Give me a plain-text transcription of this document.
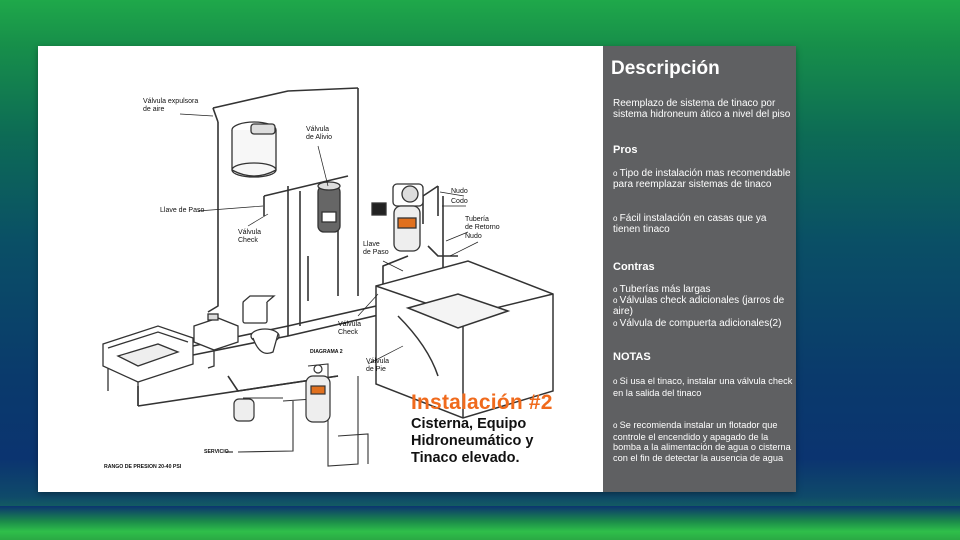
Válvula expulsora
de aire
Válvula
de Alivio
Llave de Paso
Válvula
Check
Nudo
Codo
Tubería
de Retorno
Nudo
Llave
de Paso
Válvula
Check
Válvula
de Pie
DIAGRAMA 2
SERVICIO
RANGO DE PRESION 20-40 PSI
Instalación #2
Cisterna, Equipo
Hidroneumático y
Tinaco elevado.
Descripción
Reemplazo de sistema de tinaco por sistema hidroneum ático a nivel del piso
Pros
o Tipo de instalación mas recomendable para reemplazar sistemas de tinaco
o Fácil instalación en casas que ya tienen tinaco
Contras
o Tuberías más largas
o Válvulas check adicionales (jarros de aire)
o Válvula de compuerta adicionales(2)
NOTAS
o Si usa el tinaco, instalar una válvula check en la salida del tinaco
o Se recomienda instalar un flotador que controle el encendido y apagado de la bomba a la alimentación de agua o cisterna con el fin de detectar la ausencia de agua
